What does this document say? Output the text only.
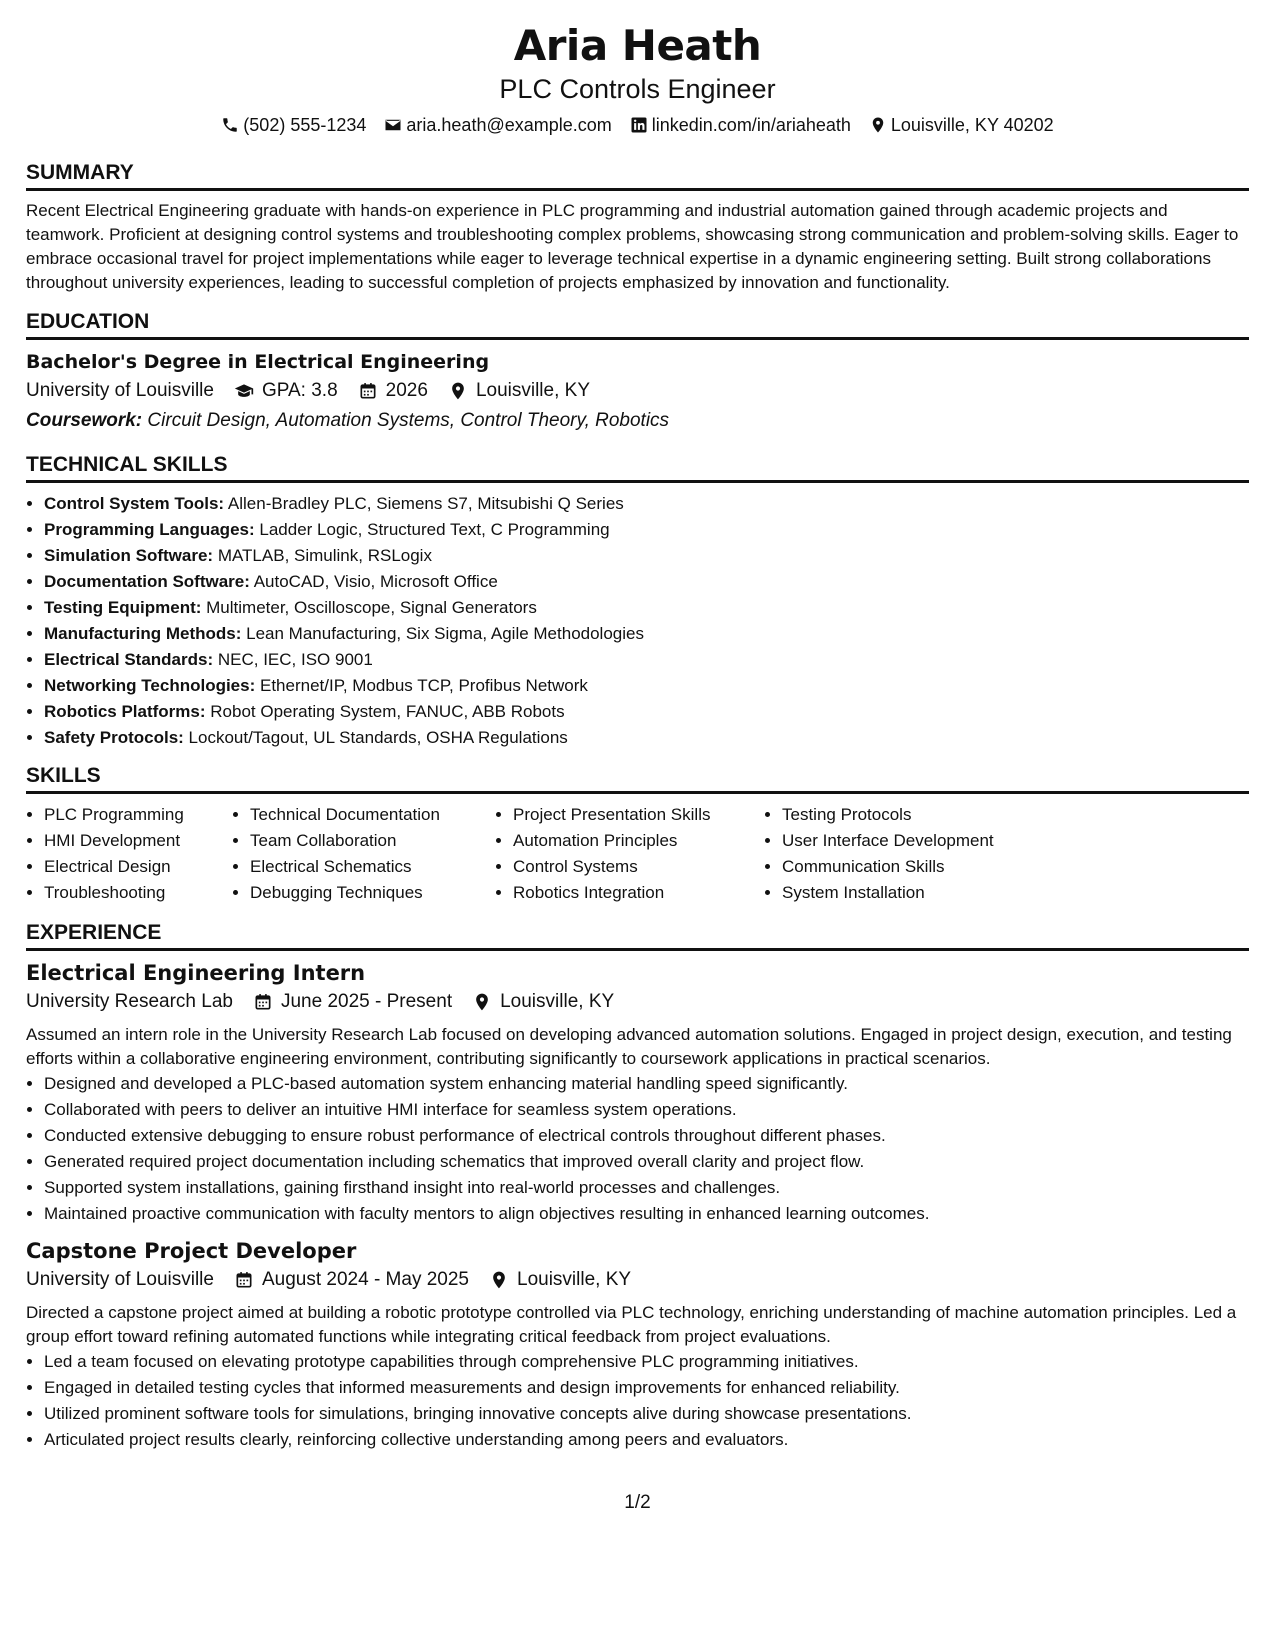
Aria Heath
PLC Controls Engineer
(502) 555-1234 aria.heath@example.com linkedin.com/in/ariaheath Louisville, KY 40202
SUMMARY

Recent Electrical Engineering graduate with hands-on experience in PLC programming and industrial automation gained through academic projects and teamwork. Proficient at designing control systems and troubleshooting complex problems, showcasing strong communication and problem-solving skills. Eager to embrace occasional travel for project implementations while eager to leverage technical expertise in a dynamic engineering setting. Built strong collaborations throughout university experiences, leading to successful completion of projects emphasized by innovation and functionality.

EDUCATION
Bachelor's Degree in Electrical Engineering
University of Louisville	GPA: 3.8	2026	Louisville, KY
Coursework: Circuit Design, Automation Systems, Control Theory, Robotics
TECHNICAL SKILLS
• Control System Tools: Allen-Bradley PLC, Siemens S7, Mitsubishi Q Series
• Programming Languages: Ladder Logic, Structured Text, C Programming
• Simulation Software: MATLAB, Simulink, RSLogix
• Documentation Software: AutoCAD, Visio, Microsoft Office
• Testing Equipment: Multimeter, Oscilloscope, Signal Generators
• Manufacturing Methods: Lean Manufacturing, Six Sigma, Agile Methodologies
• Electrical Standards: NEC, IEC, ISO 9001
• Networking Technologies: Ethernet/IP, Modbus TCP, Profibus Network
• Robotics Platforms: Robot Operating System, FANUC, ABB Robots
• Safety Protocols: Lockout/Tagout, UL Standards, OSHA Regulations
SKILLS
• PLC Programming
• HMI Development
• Electrical Design
• Troubleshooting
• Technical Documentation
• Team Collaboration
• Electrical Schematics
• Debugging Techniques
• Project Presentation Skills
• Automation Principles
• Control Systems
• Robotics Integration
• Testing Protocols
• User Interface Development
• Communication Skills
• System Installation
EXPERIENCE
Electrical Engineering Intern
University Research Lab	June 2025 - Present	Louisville, KY

Assumed an intern role in the University Research Lab focused on developing advanced automation solutions. Engaged in project design, execution, and testing efforts within a collaborative engineering environment, contributing significantly to coursework applications in practical scenarios.

• Designed and developed a PLC-based automation system enhancing material handling speed significantly.
• Collaborated with peers to deliver an intuitive HMI interface for seamless system operations.
• Conducted extensive debugging to ensure robust performance of electrical controls throughout different phases.
• Generated required project documentation including schematics that improved overall clarity and project flow.
• Supported system installations, gaining firsthand insight into real-world processes and challenges.
• Maintained proactive communication with faculty mentors to align objectives resulting in enhanced learning outcomes.
Capstone Project Developer
University of Louisville	August 2024 - May 2025	Louisville, KY

Directed a capstone project aimed at building a robotic prototype controlled via PLC technology, enriching understanding of machine automation principles. Led a group effort toward refining automated functions while integrating critical feedback from project evaluations.

• Led a team focused on elevating prototype capabilities through comprehensive PLC programming initiatives.
• Engaged in detailed testing cycles that informed measurements and design improvements for enhanced reliability.
• Utilized prominent software tools for simulations, bringing innovative concepts alive during showcase presentations.
• Articulated project results clearly, reinforcing collective understanding among peers and evaluators.
1/2
